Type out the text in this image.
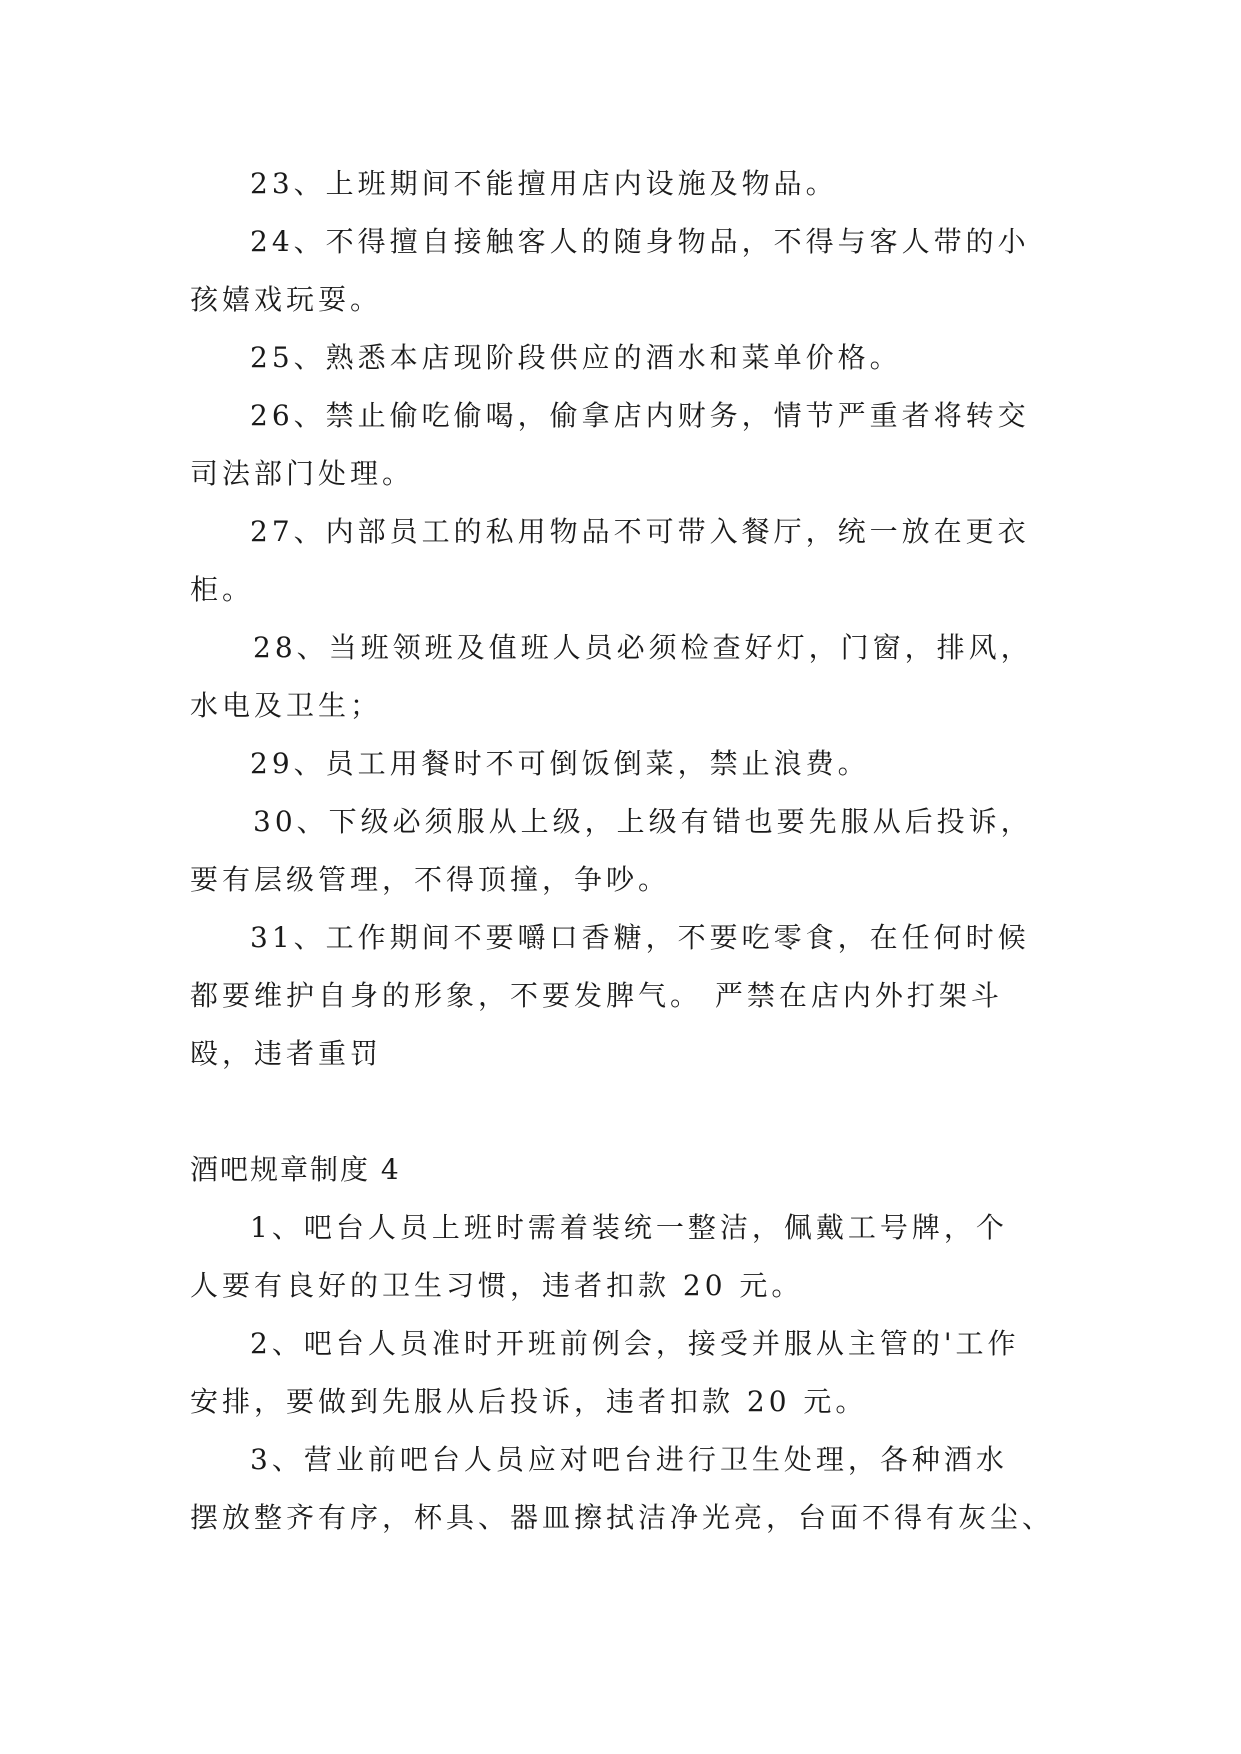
23、上班期间不能擅用店内设施及物品。
24、不得擅自接触客人的随身物品，不得与客人带的小
孩嬉戏玩耍。
25、熟悉本店现阶段供应的酒水和菜单价格。
26、禁止偷吃偷喝，偷拿店内财务，情节严重者将转交
司法部门处理。
27、内部员工的私用物品不可带入餐厅，统一放在更衣
柜。
28、当班领班及值班人员必须检查好灯，门窗，排风，
水电及卫生；
29、员工用餐时不可倒饭倒菜，禁止浪费。
30、下级必须服从上级，上级有错也要先服从后投诉，
要有层级管理，不得顶撞，争吵。
31、工作期间不要嚼口香糖，不要吃零食，在任何时候
都要维护自身的形象，不要发脾气。 严禁在店内外打架斗
殴，违者重罚
酒吧规章制度 4
1、吧台人员上班时需着装统一整洁，佩戴工号牌，个
人要有良好的卫生习惯，违者扣款 20 元。
2、吧台人员准时开班前例会，接受并服从主管的'工作
安排，要做到先服从后投诉，违者扣款 20 元。
3、营业前吧台人员应对吧台进行卫生处理，各种酒水
摆放整齐有序，杯具、器皿擦拭洁净光亮，台面不得有灰尘、
